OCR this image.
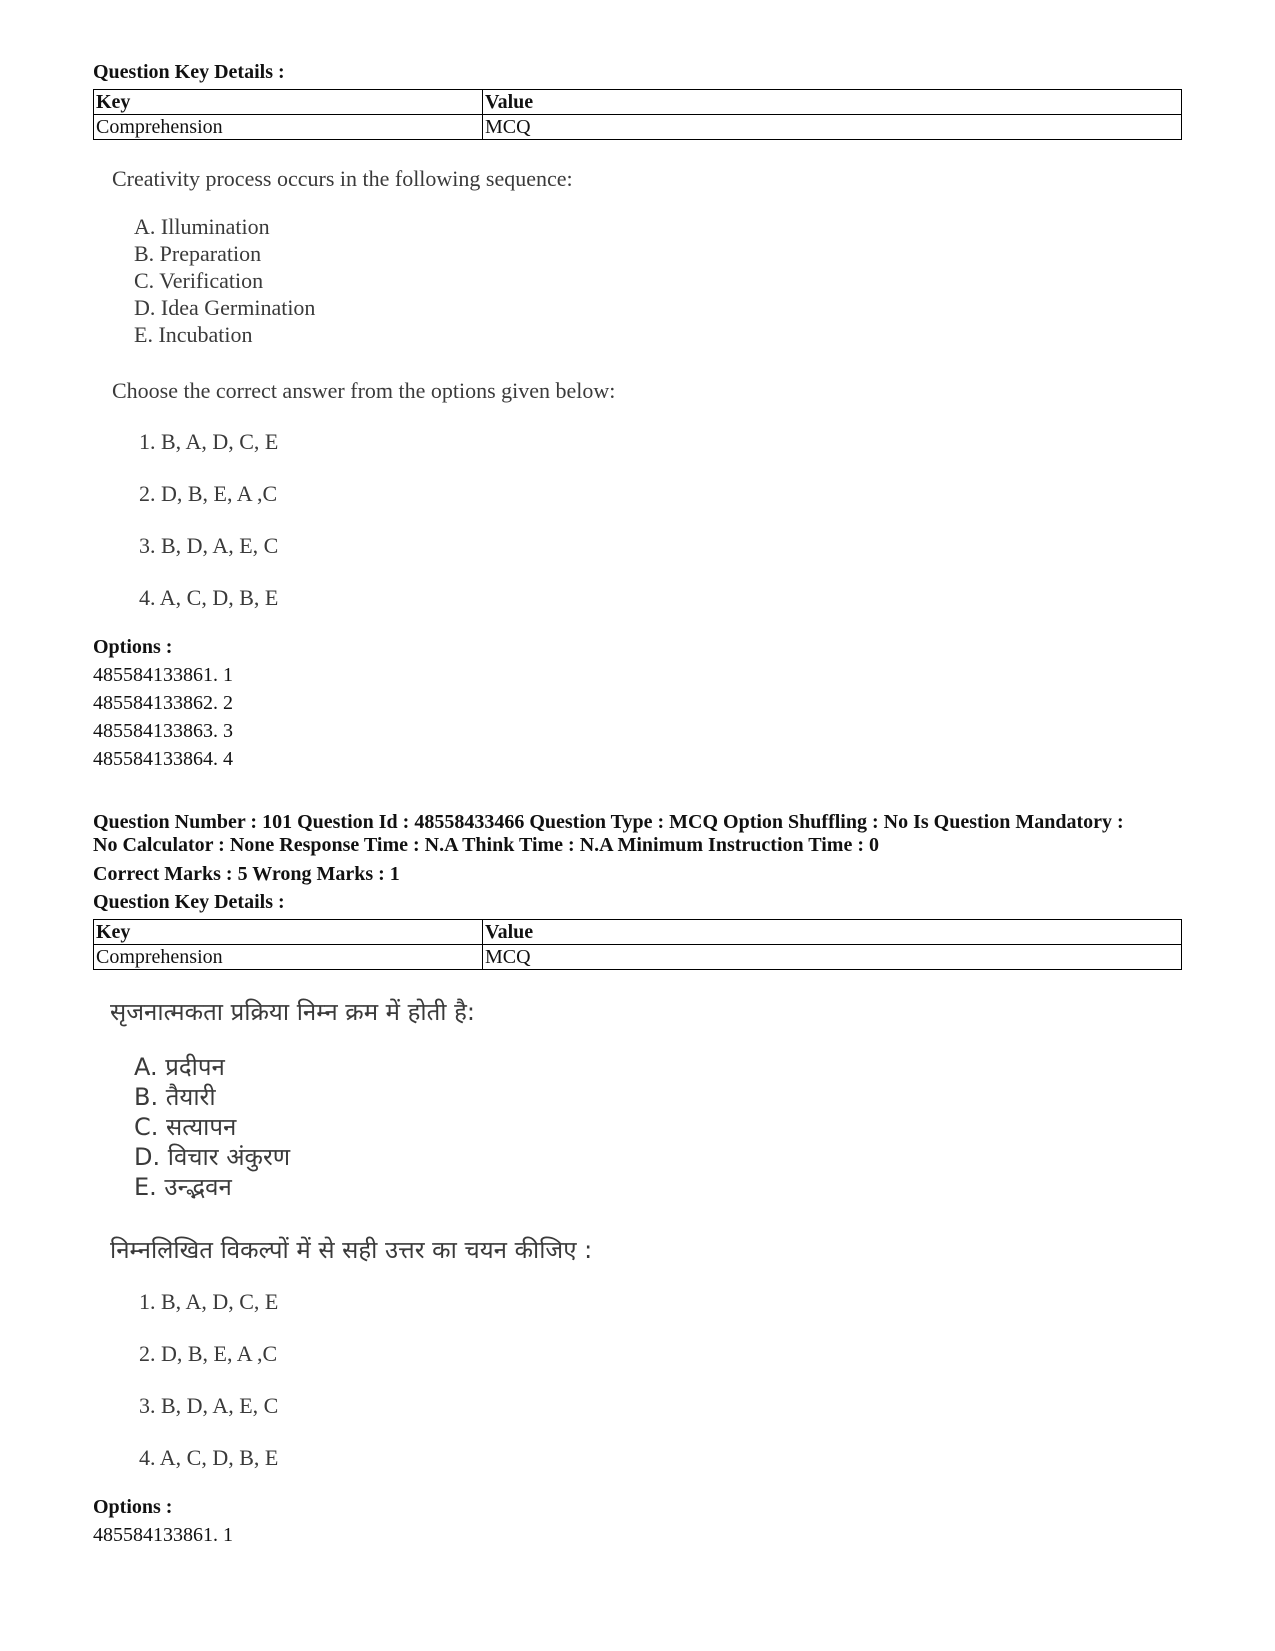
Question Key Details :
Key	Value
Comprehension	MCQ
Creativity process occurs in the following sequence:
A. Illumination
B. Preparation
C. Verification
D. Idea Germination
E. Incubation
Choose the correct answer from the options given below:
1. B, A, D, C, E
2. D, B, E, A ,C
3. B, D, A, E, C
4. A, C, D, B, E
Options :
485584133861. 1
485584133862. 2
485584133863. 3
485584133864. 4
Question Number : 101 Question Id : 48558433466 Question Type : MCQ Option Shuffling : No Is Question Mandatory :
No Calculator : None Response Time : N.A Think Time : N.A Minimum Instruction Time : 0
Correct Marks : 5 Wrong Marks : 1
Question Key Details :
Key	Value
Comprehension	MCQ
सृजनात्मकता प्रक्रिया निम्न क्रम में होती है:
A. प्रदीपन
B. तैयारी
C. सत्यापन
D. विचार अंकुरण
E. उन्द्भवन
निम्नलिखित विकल्पों में से सही उत्तर का चयन कीजिए :
1. B, A, D, C, E
2. D, B, E, A ,C
3. B, D, A, E, C
4. A, C, D, B, E
Options :
485584133861. 1
